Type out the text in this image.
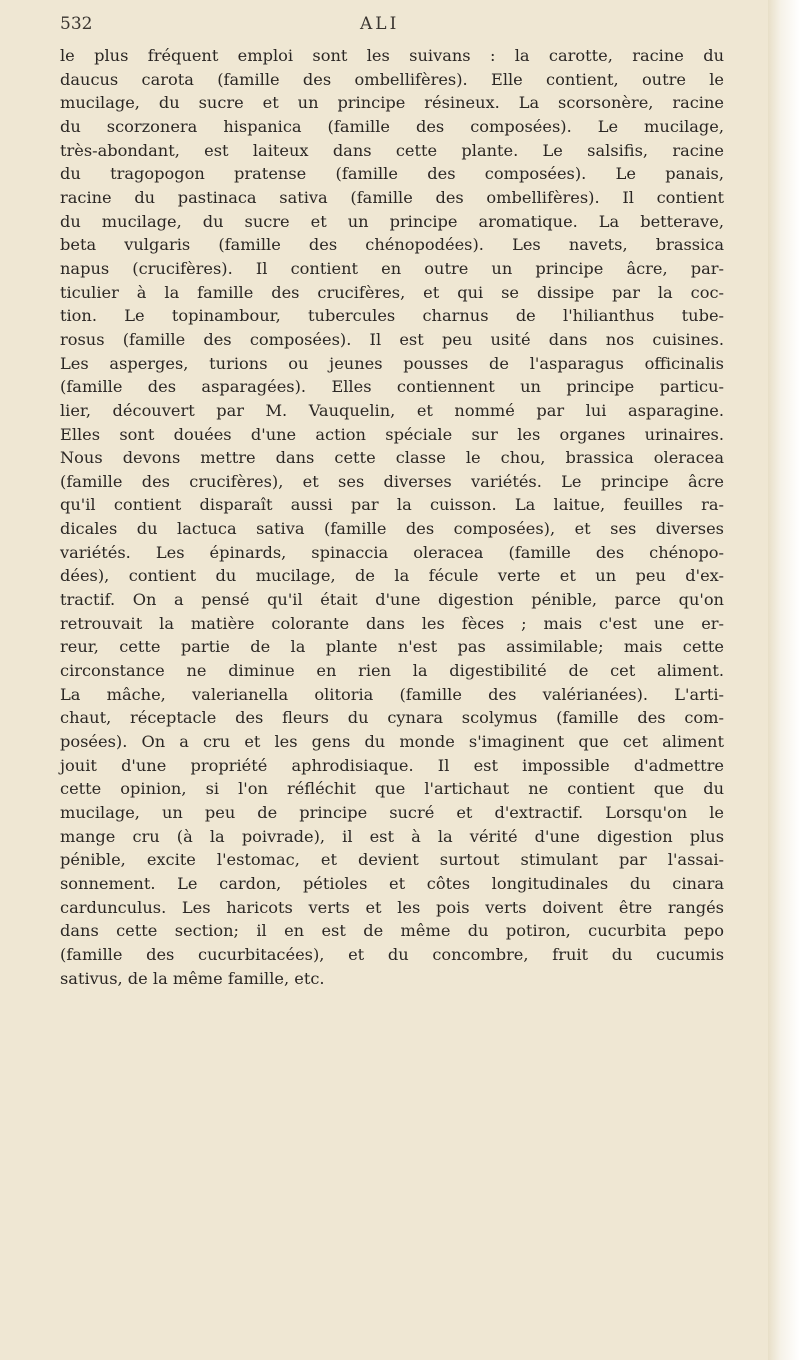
532	ALI
le plus fréquent emploi sont les suivans : la carotte, racine du
daucus carota (famille des ombellifères). Elle contient, outre le
mucilage, du sucre et un principe résineux. La scorsonère, racine
du scorzonera hispanica (famille des composées). Le mucilage,
très-abondant, est laiteux dans cette plante. Le salsifis, racine
du tragopogon pratense (famille des composées). Le panais,
racine du pastinaca sativa (famille des ombellifères). Il contient
du mucilage, du sucre et un principe aromatique. La betterave,
beta vulgaris (famille des chénopodées). Les navets, brassica
napus (crucifères). Il contient en outre un principe âcre, par-
ticulier à la famille des crucifères, et qui se dissipe par la coc-
tion. Le topinambour, tubercules charnus de l'hilianthus tube-
rosus (famille des composées). Il est peu usité dans nos cuisines.
Les asperges, turions ou jeunes pousses de l'asparagus officinalis
(famille des asparagées). Elles contiennent un principe particu-
lier, découvert par M. Vauquelin, et nommé par lui asparagine.
Elles sont douées d'une action spéciale sur les organes urinaires.
Nous devons mettre dans cette classe le chou, brassica oleracea
(famille des crucifères), et ses diverses variétés. Le principe âcre
qu'il contient disparaît aussi par la cuisson. La laitue, feuilles ra-
dicales du lactuca sativa (famille des composées), et ses diverses
variétés. Les épinards, spinaccia oleracea (famille des chénopo-
dées), contient du mucilage, de la fécule verte et un peu d'ex-
tractif. On a pensé qu'il était d'une digestion pénible, parce qu'on
retrouvait la matière colorante dans les fèces ; mais c'est une er-
reur, cette partie de la plante n'est pas assimilable; mais cette
circonstance ne diminue en rien la digestibilité de cet aliment.
La mâche, valerianella olitoria (famille des valérianées). L'arti-
chaut, réceptacle des fleurs du cynara scolymus (famille des com-
posées). On a cru et les gens du monde s'imaginent que cet aliment
jouit d'une propriété aphrodisiaque. Il est impossible d'admettre
cette opinion, si l'on réfléchit que l'artichaut ne contient que du
mucilage, un peu de principe sucré et d'extractif. Lorsqu'on le
mange cru (à la poivrade), il est à la vérité d'une digestion plus
pénible, excite l'estomac, et devient surtout stimulant par l'assai-
sonnement. Le cardon, pétioles et côtes longitudinales du cinara
cardunculus. Les haricots verts et les pois verts doivent être rangés
dans cette section; il en est de même du potiron, cucurbita pepo
(famille des cucurbitacées), et du concombre, fruit du cucumis
sativus, de la même famille, etc.
